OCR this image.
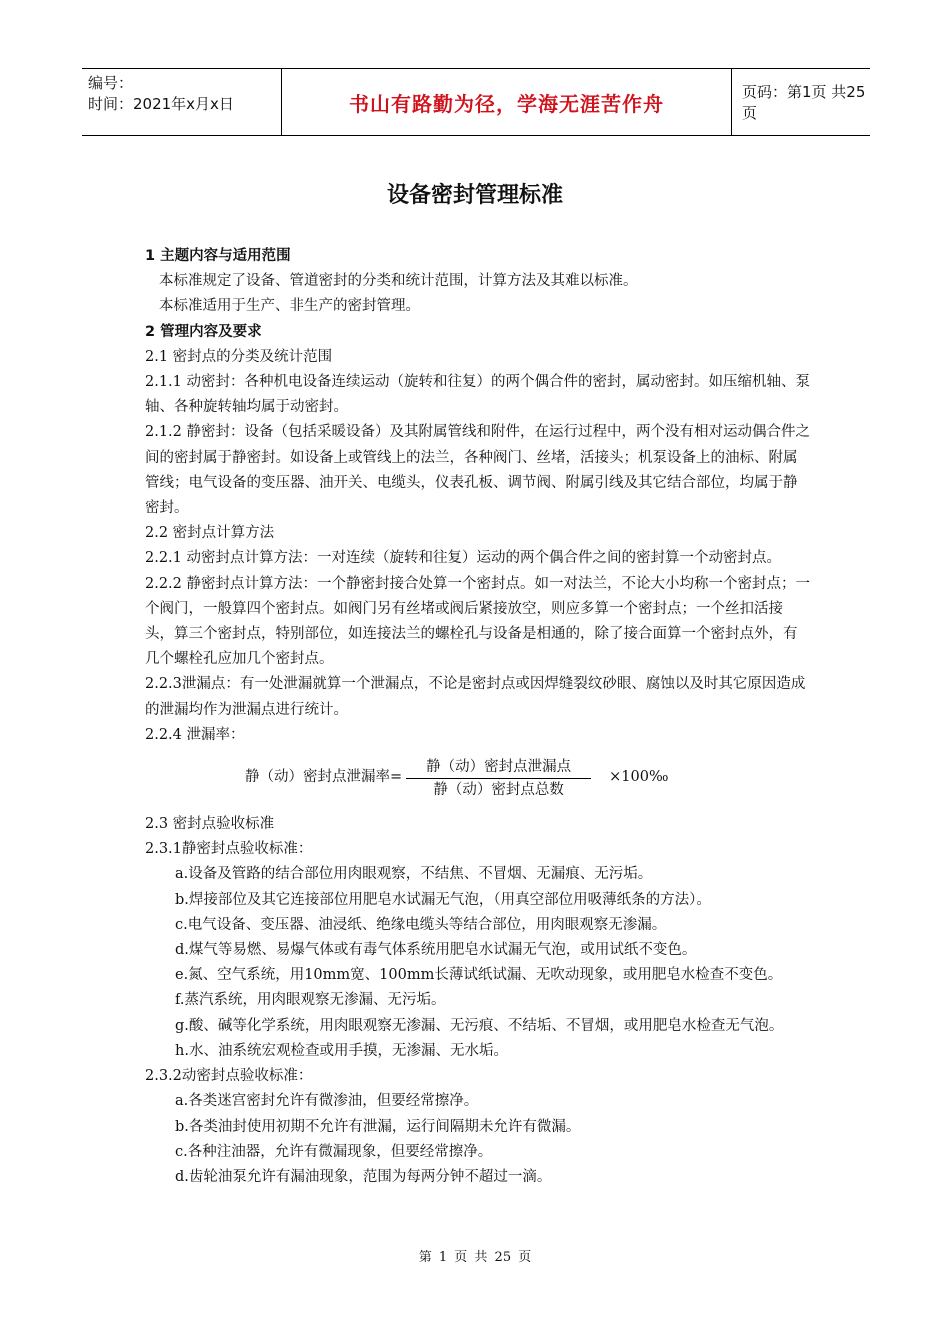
编号：
时间：2021年x月x日	书山有路勤为径，学海无涯苦作舟	页码：第1页 共25页
设备密封管理标准

1 主题内容与适用范围

本标准规定了设备、管道密封的分类和统计范围，计算方法及其难以标准。

本标准适用于生产、非生产的密封管理。

2 管理内容及要求

2.1 密封点的分类及统计范围

2.1.1 动密封：各种机电设备连续运动（旋转和往复）的两个偶合件的密封，属动密封。如压缩机轴、泵轴、各种旋转轴均属于动密封。

2.1.2 静密封：设备（包括采暖设备）及其附属管线和附件，在运行过程中，两个没有相对运动偶合件之间的密封属于静密封。如设备上或管线上的法兰，各种阀门、丝堵，活接头；机泵设备上的油标、附属管线；电气设备的变压器、油开关、电缆头，仪表孔板、调节阀、附属引线及其它结合部位，均属于静密封。

2.2 密封点计算方法

2.2.1 动密封点计算方法：一对连续（旋转和往复）运动的两个偶合件之间的密封算一个动密封点。

2.2.2 静密封点计算方法：一个静密封接合处算一个密封点。如一对法兰，不论大小均称一个密封点；一个阀门，一般算四个密封点。如阀门另有丝堵或阀后紧接放空，则应多算一个密封点；一个丝扣活接头，算三个密封点，特别部位，如连接法兰的螺栓孔与设备是相通的，除了接合面算一个密封点外，有几个螺栓孔应加几个密封点。

2.2.3泄漏点：有一处泄漏就算一个泄漏点，不论是密封点或因焊缝裂纹砂眼、腐蚀以及时其它原因造成的泄漏均作为泄漏点进行统计。

2.2.4 泄漏率：

静（动）密封点泄漏率= $\frac{\text{静（动）密封点泄漏点}}{\text{静（动）密封点总数}}$ ×100‰

2.3 密封点验收标准

2.3.1静密封点验收标准：

a.设备及管路的结合部位用肉眼观察，不结焦、不冒烟、无漏痕、无污垢。

b.焊接部位及其它连接部位用肥皂水试漏无气泡，（用真空部位用吸薄纸条的方法）。

c.电气设备、变压器、油浸纸、绝缘电缆头等结合部位，用肉眼观察无渗漏。

d.煤气等易燃、易爆气体或有毒气体系统用肥皂水试漏无气泡，或用试纸不变色。

e.氮、空气系统，用10mm宽、100mm长薄试纸试漏、无吹动现象，或用肥皂水检查不变色。

f.蒸汽系统，用肉眼观察无渗漏、无污垢。

g.酸、碱等化学系统，用肉眼观察无渗漏、无污痕、不结垢、不冒烟，或用肥皂水检查无气泡。

h.水、油系统宏观检查或用手摸，无渗漏、无水垢。

2.3.2动密封点验收标准：

a.各类迷宫密封允许有微渗油，但要经常擦净。

b.各类油封使用初期不允许有泄漏，运行间隔期未允许有微漏。

c.各种注油器，允许有微漏现象，但要经常擦净。

d.齿轮油泵允许有漏油现象，范围为每两分钟不超过一滴。

第 1 页 共 25 页
